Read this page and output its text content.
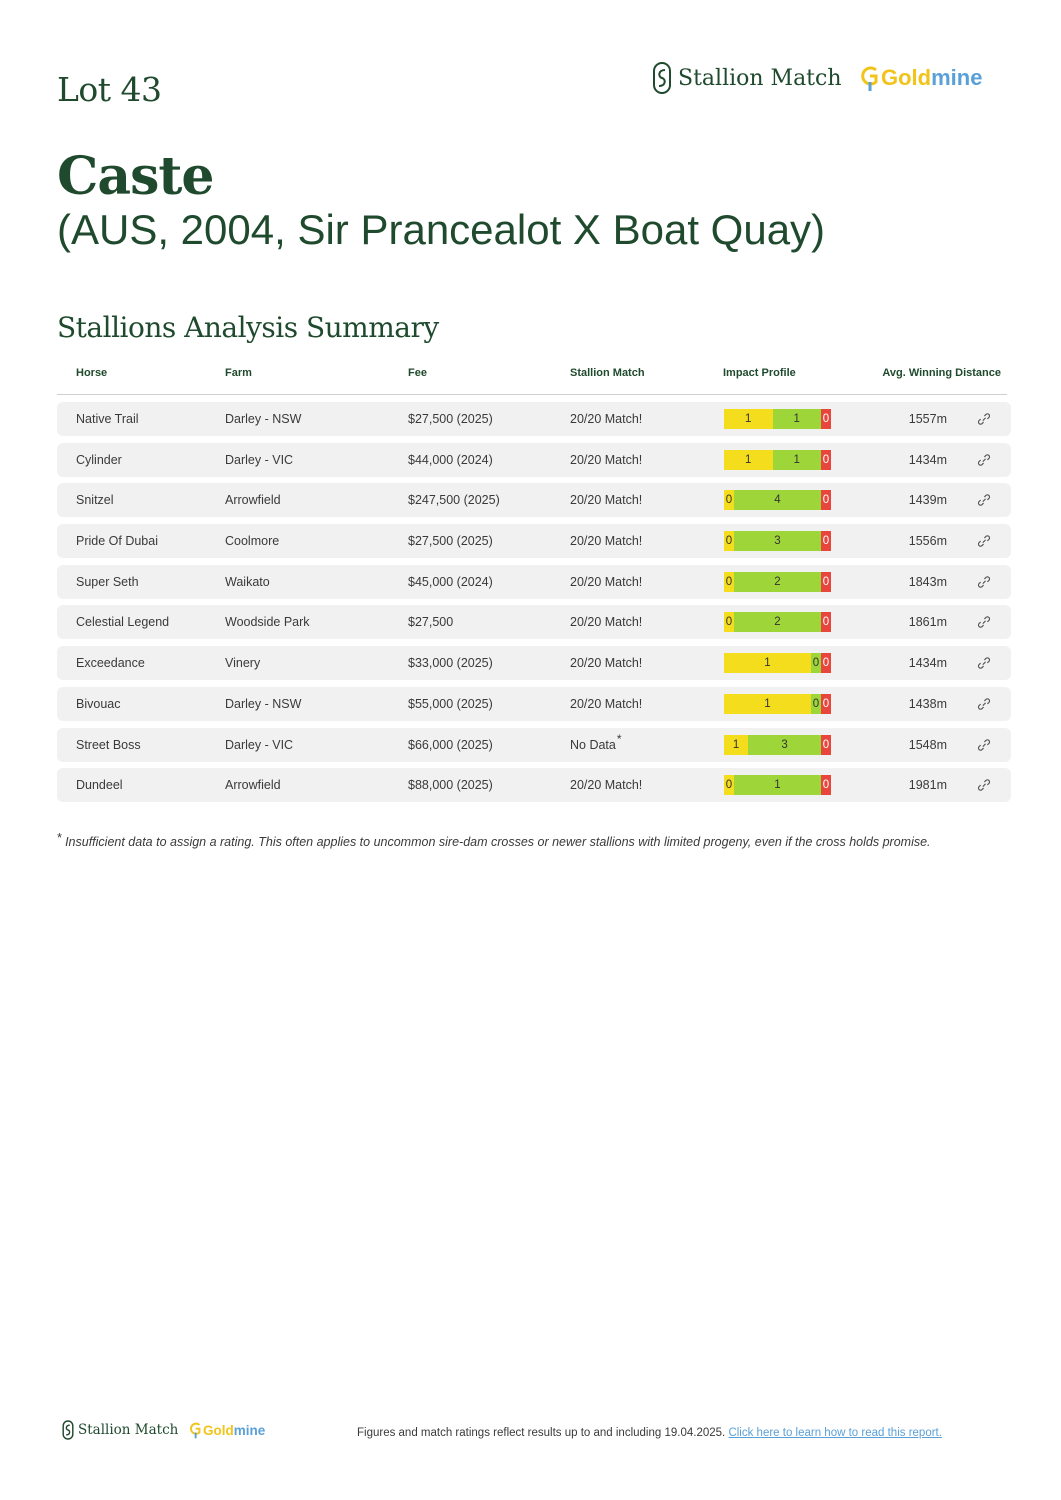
Lot 43	Stallion Match Goldmine
Caste
(AUS, 2004, Sir Prancealot X Boat Quay)
Stallions Analysis Summary
Horse	Farm	Fee	Stallion Match	Impact Profile	Avg. Winning Distance
Native Trail	Darley - NSW	$27,500 (2025)	20/20 Match!	1	1	0	1557m
Cylinder	Darley - VIC	$44,000 (2024)	20/20 Match!	1	1	0	1434m
Snitzel	Arrowfield	$247,500 (2025)	20/20 Match!	0	4	0	1439m
Pride Of Dubai	Coolmore	$27,500 (2025)	20/20 Match!	0	3	0	1556m
Super Seth	Waikato	$45,000 (2024)	20/20 Match!	0	2	0	1843m
Celestial Legend	Woodside Park	$27,500	20/20 Match!	0	2	0	1861m
Exceedance	Vinery	$33,000 (2025)	20/20 Match!	1	0 0	1434m
Bivouac	Darley - NSW	$55,000 (2025)	20/20 Match!	1	0 0	1438m
Street Boss	Darley - VIC	$66,000 (2025)	No Data*	1	3	0	1548m
Dundeel	Arrowfield	$88,000 (2025)	20/20 Match!	0	1	0	1981m
* Insufficient data to assign a rating. This often applies to uncommon sire-dam crosses or newer stallions with limited progeny, even if the cross holds promise.
Stallion Match Goldmine	Figures and match ratings reflect results up to and including 19.04.2025. Click here to learn how to read this report.
